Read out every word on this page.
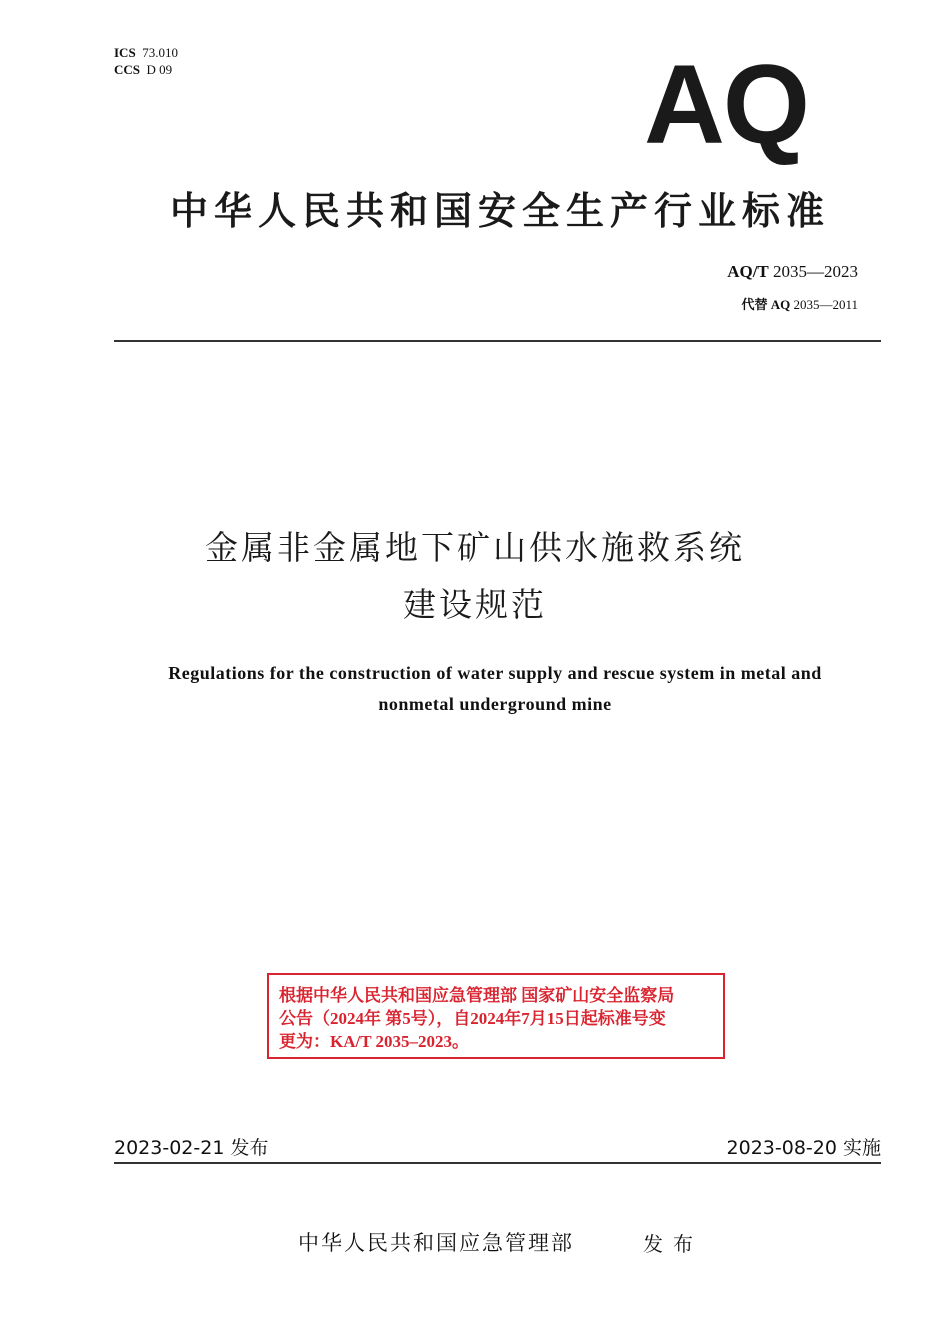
ICS 73.010
CCS D 09	AQ
中华人民共和国安全生产行业标准
AQ/T 2035—2023
代替 AQ 2035—2011
金属非金属地下矿山供水施救系统
建设规范
Regulations for the construction of water supply and rescue system in metal and
nonmetal underground mine
根据中华人民共和国应急管理部 国家矿山安全监察局
公告（2024年 第5号），自2024年7月15日起标准号变
更为：KA/T 2035–2023。
2023-02-21 发布	2023-08-20 实施
中华人民共和国应急管理部	发布
